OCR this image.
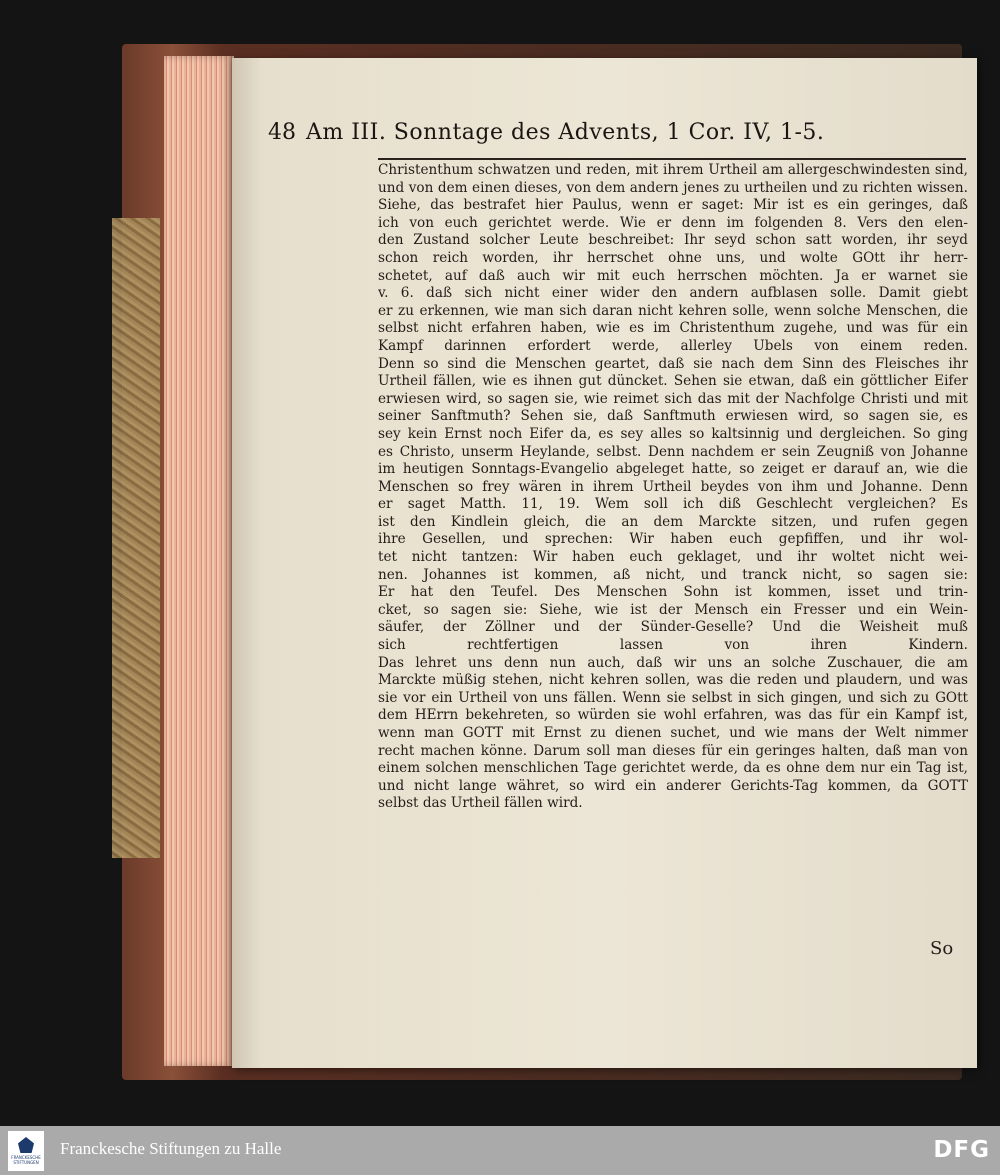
48 Am III. Sonntage des Advents, 1 Cor. IV, 1-5.
Christenthum schwatzen und reden, mit ihrem Urtheil am allergeschwindesten sind,
und von dem einen dieses, von dem andern jenes zu urtheilen und zu richten wissen.
Siehe, das bestrafet hier Paulus, wenn er saget: Mir ist es ein geringes, daß
ich von euch gerichtet werde. Wie er denn im folgenden 8. Vers den elen-
den Zustand solcher Leute beschreibet: Ihr seyd schon satt worden, ihr seyd
schon reich worden, ihr herrschet ohne uns, und wolte GOtt ihr herr-
schetet, auf daß auch wir mit euch herrschen möchten. Ja er warnet sie
v. 6. daß sich nicht einer wider den andern aufblasen solle. Damit giebt
er zu erkennen, wie man sich daran nicht kehren solle, wenn solche Menschen, die
selbst nicht erfahren haben, wie es im Christenthum zugehe, und was für ein
Kampf darinnen erfordert werde, allerley Ubels von einem reden.
Denn so sind die Menschen geartet, daß sie nach dem Sinn des Fleisches ihr
Urtheil fällen, wie es ihnen gut düncket. Sehen sie etwan, daß ein göttlicher Eifer
erwiesen wird, so sagen sie, wie reimet sich das mit der Nachfolge Christi und mit
seiner Sanftmuth? Sehen sie, daß Sanftmuth erwiesen wird, so sagen sie, es
sey kein Ernst noch Eifer da, es sey alles so kaltsinnig und dergleichen. So ging
es Christo, unserm Heylande, selbst. Denn nachdem er sein Zeugniß von Johanne
im heutigen Sonntags-Evangelio abgeleget hatte, so zeiget er darauf an, wie die
Menschen so frey wären in ihrem Urtheil beydes von ihm und Johanne. Denn
er saget Matth. 11, 19. Wem soll ich diß Geschlecht vergleichen? Es
ist den Kindlein gleich, die an dem Marckte sitzen, und rufen gegen
ihre Gesellen, und sprechen: Wir haben euch gepfiffen, und ihr wol-
tet nicht tantzen: Wir haben euch geklaget, und ihr woltet nicht wei-
nen. Johannes ist kommen, aß nicht, und tranck nicht, so sagen sie:
Er hat den Teufel. Des Menschen Sohn ist kommen, isset und trin-
cket, so sagen sie: Siehe, wie ist der Mensch ein Fresser und ein Wein-
säufer, der Zöllner und der Sünder-Geselle? Und die Weisheit muß
sich rechtfertigen lassen von ihren Kindern.
Das lehret uns denn nun auch, daß wir uns an solche Zuschauer, die am
Marckte müßig stehen, nicht kehren sollen, was die reden und plaudern, und was
sie vor ein Urtheil von uns fällen. Wenn sie selbst in sich gingen, und sich zu GOtt
dem HErrn bekehreten, so würden sie wohl erfahren, was das für ein Kampf ist,
wenn man GOTT mit Ernst zu dienen suchet, und wie mans der Welt nimmer
recht machen könne. Darum soll man dieses für ein geringes halten, daß man von
einem solchen menschlichen Tage gerichtet werde, da es ohne dem nur ein Tag ist,
und nicht lange währet, so wird ein anderer Gerichts-Tag kommen, da GOTT
selbst das Urtheil fällen wird.
So
FRANCKESCHE STIFTUNGEN
Franckesche Stiftungen zu Halle	DFG
